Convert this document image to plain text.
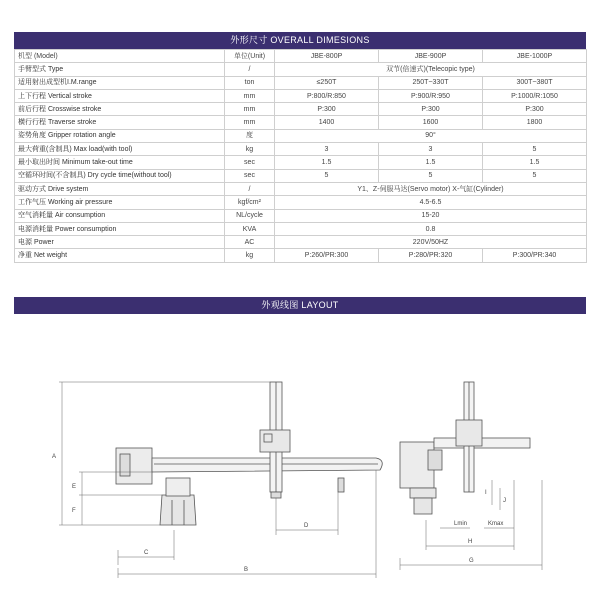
外形尺寸 OVERALL DIMESIONS
机型 (Model)	单位(Unit)	JBE-800P	JBE-900P	JBE-1000P
手臂型式 Type	/	双节(倍速式)(Telecopic type)		
适用射出成型机I.M.range	ton	≤250T	250T~330T	300T~380T
上下行程 Vertical stroke	mm	P:800/R:850	P:900/R:950	P:1000/R:1050
前后行程 Crosswise stroke	mm	P:300	P:300	P:300
横行行程 Traverse stroke	mm	1400	1600	1800
姿势角度 Gripper rotation angle	度	90°		
最大荷重(含制具) Max load(with tool)	kg	3	3	5
最小取出时间 Minimum take-out time	sec	1.5	1.5	1.5
空循环时间(不含制具) Dry cycle time(without tool)	sec	5	5	5
驱动方式 Drive system	/	Y1、Z-伺服马达(Servo motor) X-气缸(Cylinder)		
工作气压 Working air pressure	kgf/cm²	4.5-6.5		
空气消耗量 Air consumption	NL/cycle	15-20		
电源消耗量 Power consumption	KVA	0.8		
电源 Power	AC	220V/50HZ		
净重 Net weight	kg	P:260/PR:300	P:280/PR:320	P:300/PR:340
外观线图 LAYOUT
A
E
F
C
B
D	Lmin	Kmax
H
G
I
J
